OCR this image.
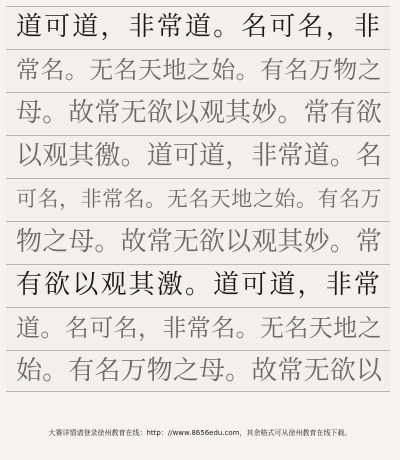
道可道，非常道。名可名，非
常名。无名天地之始。有名万物之
母。故常无欲以观其妙。常有欲
以观其徼。道可道，非常道。名
可名，非常名。无名天地之始。有名万
物之母。故常无欲以观其妙。常
有欲以观其激。道可道，非常
道。名可名，非常名。无名天地之
始。有名万物之母。故常无欲以
大赛详情请登录徐州教育在线：http：//www.8656edu.com，其余格式可从徐州教育在线下载。
